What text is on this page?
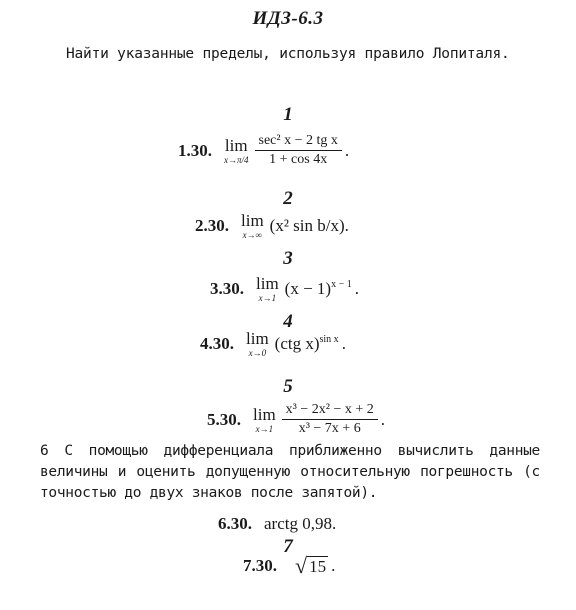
ИДЗ-6.3
Найти указанные пределы, используя правило Лопиталя.
1
1.30. lim
$x\to\pi/4 \frac{\text{sec² x − 2 tg x}}{1 + \cos 4x}$ .
2
2.30. lim
x→∞ (x² sin b/x).
3
3.30. lim
x→1 $(x - 1)^{x - 1}$ .
4
4.30. lim
x→0 (ctg x)$^{sin x}$ .
5
5.30. lim
$x\to 1 \frac{\text{x³ − 2x² − x + 2}}{\text{x³ − 7x + 6}}$ .
6 С помощью дифференциала приближенно вычислить данные величины и оценить допущенную относительную погрешность (с точностью до двух знаков после запятой).
6.30. arctg 0,98.
7
7.30. √ 15 .
